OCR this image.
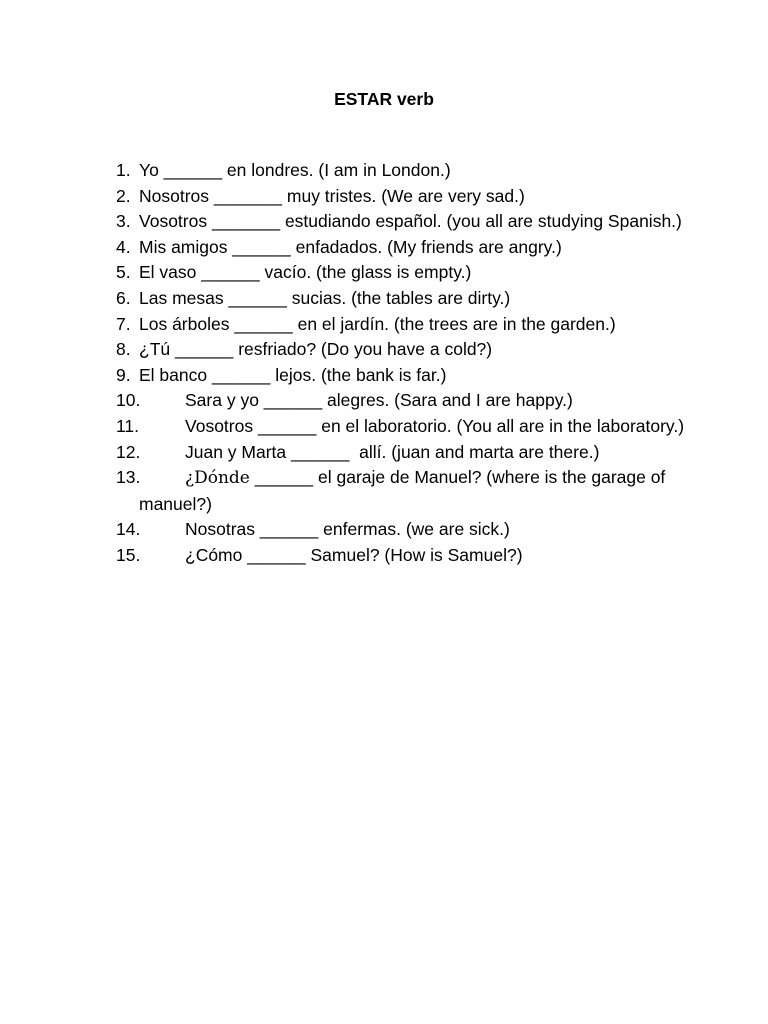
ESTAR verb
1. Yo ______ en londres. (I am in London.)
2. Nosotros _______ muy tristes. (We are very sad.)
3. Vosotros _______ estudiando español. (you all are studying Spanish.)
4. Mis amigos ______ enfadados. (My friends are angry.)
5. El vaso ______ vacío. (the glass is empty.)
6. Las mesas ______ sucias. (the tables are dirty.)
7. Los árboles ______ en el jardín. (the trees are in the garden.)
8. ¿Tú ______ resfriado? (Do you have a cold?)
9. El banco ______ lejos. (the bank is far.)
10.	Sara y yo ______ alegres. (Sara and I are happy.)
11.	Vosotros ______ en el laboratorio. (You all are in the laboratory.)
12.	Juan y Marta ______  allí. (juan and marta are there.)
13.	¿Dónde ______ el garaje de Manuel? (where is the garage of manuel?)
14.	Nosotras ______ enfermas. (we are sick.)
15.	¿Cómo ______ Samuel? (How is Samuel?)
